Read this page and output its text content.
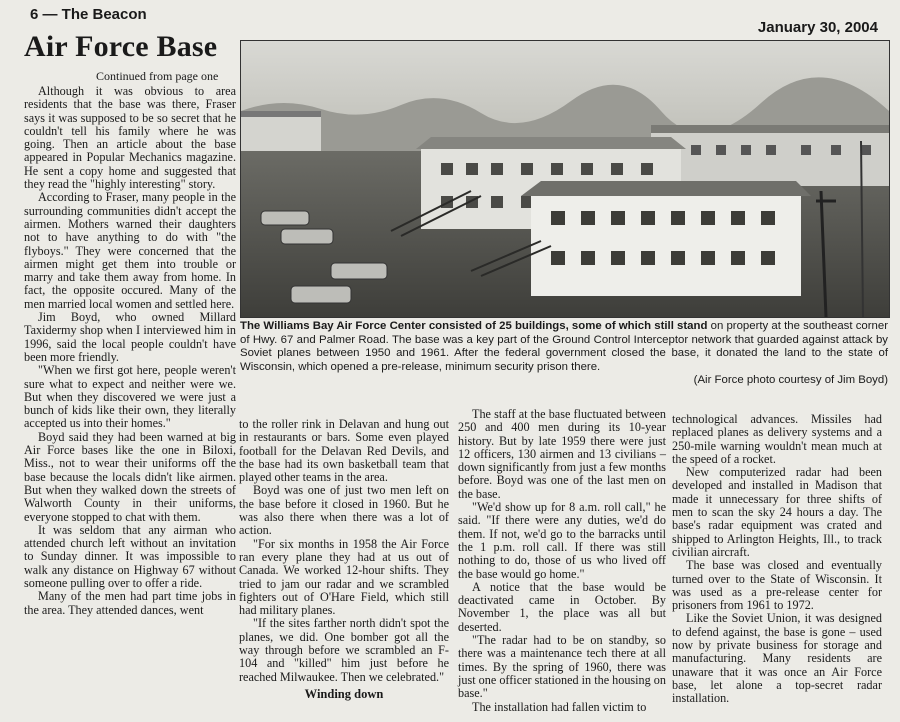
6 — The Beacon
January 30, 2004
Air Force Base
Continued from page one

Although it was obvious to area residents that the base was there, Fraser says it was supposed to be so secret that he couldn't tell his family where he was going. Then an article about the base appeared in Popular Mechanics magazine. He sent a copy home and suggested that they read the "highly interesting" story.

According to Fraser, many people in the surrounding communities didn't accept the airmen. Mothers warned their daughters not to have anything to do with "the flyboys." They were concerned that the airmen might get them into trouble or marry and take them away from home. In fact, the opposite occured. Many of the men married local women and settled here.

Jim Boyd, who owned Millard Taxidermy shop when I interviewed him in 1996, said the local people couldn't have been more friendly.

"When we first got here, people weren't sure what to expect and neither were we. But when they discovered we were just a bunch of kids like their own, they literally accepted us into their homes."

Boyd said they had been warned at big Air Force bases like the one in Biloxi, Miss., not to wear their uniforms off the base because the locals didn't like airmen. But when they walked down the streets of Walworth County in their uniforms, everyone stopped to chat with them.

It was seldom that any airman who attended church left without an invitation to Sunday dinner. It was impossible to walk any distance on Highway 67 without someone pulling over to offer a ride.

Many of the men had part time jobs in the area. They attended dances, went

The Williams Bay Air Force Center consisted of 25 buildings, some of which still stand on property at the southeast corner of Hwy. 67 and Palmer Road. The base was a key part of the Ground Control Interceptor network that guarded against attack by Soviet planes between 1950 and 1961. After the federal government closed the base, it donated the land to the state of Wisconsin, which opened a pre-release, minimum security prison there.
(Air Force photo courtesy of Jim Boyd)

to the roller rink in Delavan and hung out in restaurants or bars. Some even played football for the Delavan Red Devils, and the base had its own basketball team that played other teams in the area.

Boyd was one of just two men left on the base before it closed in 1960. But he was also there when there was a lot of action.

"For six months in 1958 the Air Force ran every plane they had at us out of Canada. We worked 12-hour shifts. They tried to jam our radar and we scrambled fighters out of O'Hare Field, which still had military planes.

"If the sites farther north didn't spot the planes, we did. One bomber got all the way through before we scrambled an F-104 and "killed" him just before he reached Milwaukee. Then we celebrated."

Winding down

The staff at the base fluctuated between 250 and 400 men during its 10-year history. But by late 1959 there were just 12 officers, 130 airmen and 13 civilians – down significantly from just a few months before. Boyd was one of the last men on the base.

"We'd show up for 8 a.m. roll call," he said. "If there were any duties, we'd do them. If not, we'd go to the barracks until the 1 p.m. roll call. If there was still nothing to do, those of us who lived off the base would go home."

A notice that the base would be deactivated came in October. By November 1, the place was all but deserted.

"The radar had to be on standby, so there was a maintenance tech there at all times. By the spring of 1960, there was just one officer stationed in the housing on base."

The installation had fallen victim to

technological advances. Missiles had replaced planes as delivery systems and a 250-mile warning wouldn't mean much at the speed of a rocket.

New computerized radar had been developed and installed in Madison that made it unnecessary for three shifts of men to scan the sky 24 hours a day. The base's radar equipment was crated and shipped to Arlington Heights, Ill., to track civilian aircraft.

The base was closed and eventually turned over to the State of Wisconsin. It was used as a pre-release center for prisoners from 1961 to 1972.

Like the Soviet Union, it was designed to defend against, the base is gone – used now by private business for storage and manufacturing. Many residents are unaware that it was once an Air Force base, let alone a top-secret radar installation.
